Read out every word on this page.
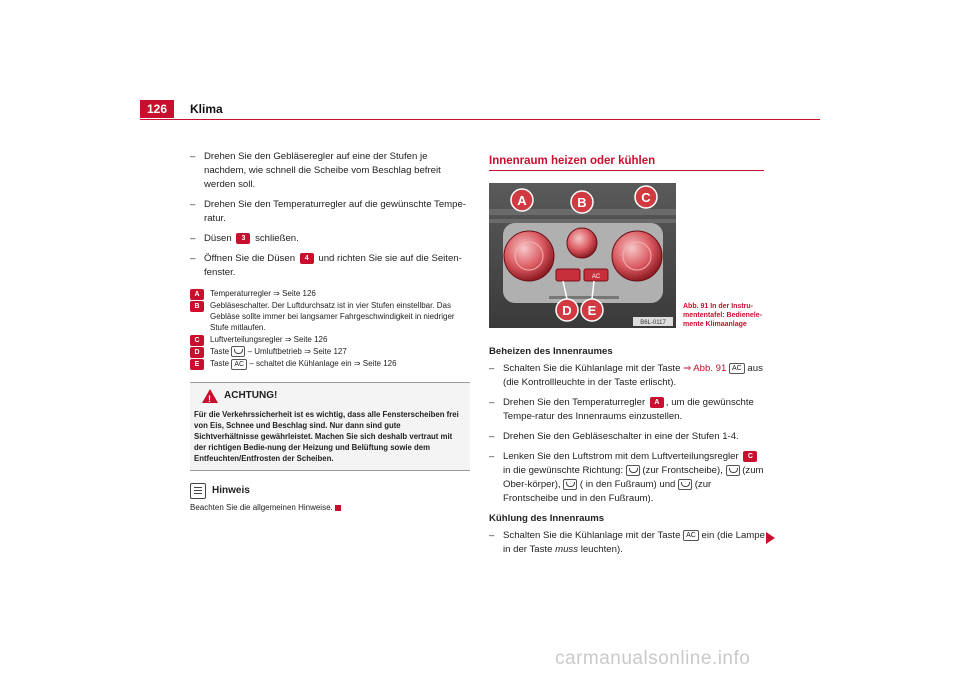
126	Klima
– Drehen Sie den Gebläseregler auf eine der Stufen je nachdem, wie schnell die Scheibe vom Beschlag befreit werden soll.
– Drehen Sie den Temperaturregler auf die gewünschte Tempe-ratur.
– Düsen 3 schließen.
– Öffnen Sie die Düsen 4 und richten Sie sie auf die Seiten-fenster.
A	Temperaturregler ⇒ Seite 126
B	Gebläseschalter. Der Luftdurchsatz ist in vier Stufen einstellbar. Das Gebläse sollte immer bei langsamer Fahrgeschwindigkeit in niedriger Stufe mitlaufen.
C	Luftverteilungsregler ⇒ Seite 126
D	Taste – Umluftbetrieb ⇒ Seite 127
E	Taste AC – schaltet die Kühlanlage ein ⇒ Seite 126
! ACHTUNG!
Für die Verkehrssicherheit ist es wichtig, dass alle Fensterscheiben frei von Eis, Schnee und Beschlag sind. Nur dann sind gute Sichtverhältnisse gewährleistet. Machen Sie sich deshalb vertraut mit der richtigen Bedie-nung der Heizung und Belüftung sowie dem Entfeuchten/Entfrosten der Scheiben.
Hinweis
Beachten Sie die allgemeinen Hinweise.
Innenraum heizen oder kühlen
AC
A	B	C
D E
B6L-0117
Abb. 91 In der Instru-
mententafel: Bedienele-
mente Klimaanlage
Beheizen des Innenraumes
– Schalten Sie die Kühlanlage mit der Taste ⇒ Abb. 91 AC aus (die Kontrollleuchte in der Taste erlischt).
– Drehen Sie den Temperaturregler A , um die gewünschte Tempe-ratur des Innenraums einzustellen.
– Drehen Sie den Gebläseschalter in eine der Stufen 1-4.
– Lenken Sie den Luftstrom mit dem Luftverteilungsregler C in die gewünschte Richtung: (zur Frontscheibe), (zum Ober-körper), ( in den Fußraum) und (zur Frontscheibe und in den Fußraum).
Kühlung des Innenraums
– Schalten Sie die Kühlanlage mit der Taste AC ein (die Lampe in der Taste muss leuchten).
carmanualsonline.info
